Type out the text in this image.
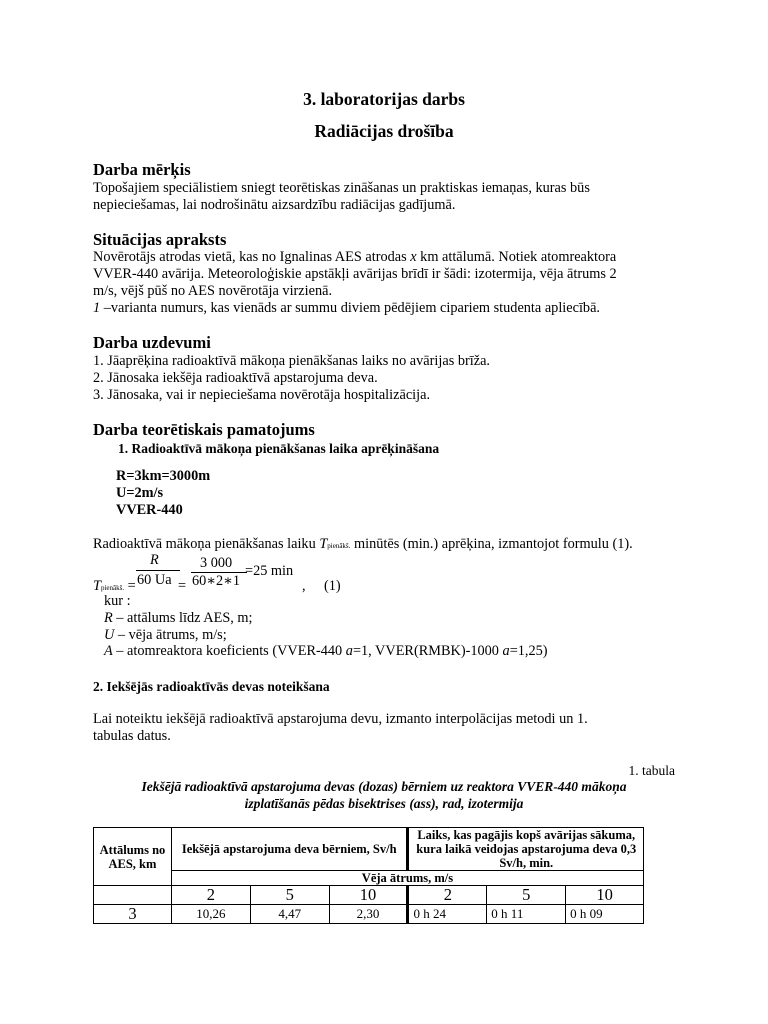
3. laboratorijas darbs
Radiācijas drošība
Darba mērķis
Topošajiem speciālistiem sniegt teorētiskas zināšanas un praktiskas iemaņas, kuras būs
nepieciešamas, lai nodrošinātu aizsardzību radiācijas gadījumā.
Situācijas apraksts
Novērotājs atrodas vietā, kas no Ignalinas AES atrodas x km attālumā. Notiek atomreaktora
VVER-440 avārija. Meteoroloģiskie apstākļi avārijas brīdī ir šādi: izotermija, vēja ātrums 2
m/s, vējš pūš no AES novērotāja virzienā.
1 –varianta numurs, kas vienāds ar summu diviem pēdējiem cipariem studenta apliecībā.
Darba uzdevumi
1. Jāaprēķina radioaktīvā mākoņa pienākšanas laiks no avārijas brīža.
2. Jānosaka iekšēja radioaktīvā apstarojuma deva.
3. Jānosaka, vai ir nepieciešama novērotāja hospitalizācija.
Darba teorētiskais pamatojums
1. Radioaktīvā mākoņa pienākšanas laika aprēķināšana
R=3km=3000m
U=2m/s
VVER-440
Radioaktīvā mākoņa pienākšanas laiku Tpienākš. minūtēs (min.) aprēķina, izmantojot formulu (1).
Tpienākš. =
R
60 Ua =
3 000
60∗2∗1
=25 min
, (1)
kur :
R – attālums līdz AES, m;
U – vēja ātrums, m/s;
A – atomreaktora koeficients (VVER-440 a=1, VVER(RMBK)-1000 a=1,25)
2. Iekšējās radioaktīvās devas noteikšana
Lai noteiktu iekšējā radioaktīvā apstarojuma devu, izmanto interpolācijas metodi un 1.
tabulas datus.
1. tabula
Iekšējā radioaktīvā apstarojuma devas (dozas) bērniem uz reaktora VVER-440 mākoņa
izplatīšanās pēdas bisektrises (ass), rad, izotermija
Attālums no AES, km	Iekšējā apstarojuma deva bērniem, Sv/h			Laiks, kas pagājis kopš avārijas sākuma, kura laikā veidojas apstarojuma deva 0,3 Sv/h, min.		
	Vēja ātrums, m/s					
	2	5	10	2	5	10
3	10,26	4,47	2,30	0 h 24	0 h 11	0 h 09
